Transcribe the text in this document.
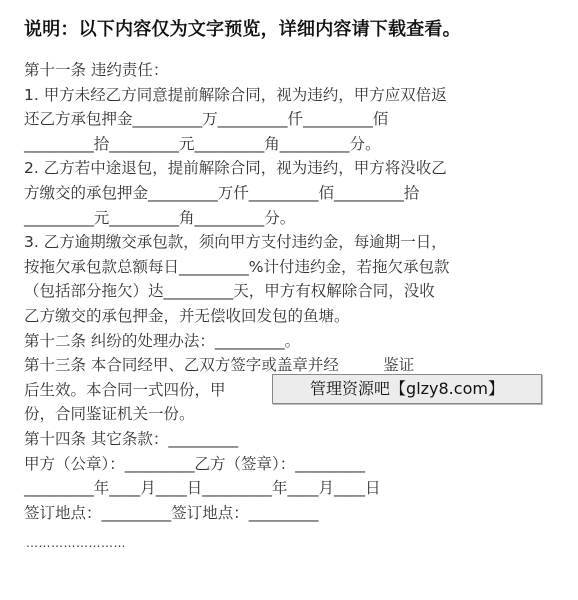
说明：以下内容仅为文字预览，详细内容请下载查看。
第十一条 违约责任：
1. 甲方未经乙方同意提前解除合同，视为违约，甲方应双倍返
还乙方承包押金_________万_________仟_________佰
_________拾_________元_________角_________分。
2. 乙方若中途退包，提前解除合同，视为违约，甲方将没收乙
方缴交的承包押金_________万仟_________佰_________拾
_________元_________角_________分。
3. 乙方逾期缴交承包款，须向甲方支付违约金，每逾期一日，
按拖欠承包款总额每日_________%计付违约金，若拖欠承包款
（包括部分拖欠）达_________天，甲方有权解除合同，没收
乙方缴交的承包押金，并无偿收回发包的鱼塘。
第十二条 纠纷的处理办法：_________。
第十三条 本合同经甲、乙双方签字或盖章并经         鉴证
后生效。本合同一式四份，甲
份，合同鉴证机关一份。
第十四条 其它条款：_________
甲方（公章）：_________乙方（签章）：_________
_________年____月____日_________年____月____日
签订地点：_________签订地点：_________
……………………
管理资源吧【glzy8.com】
